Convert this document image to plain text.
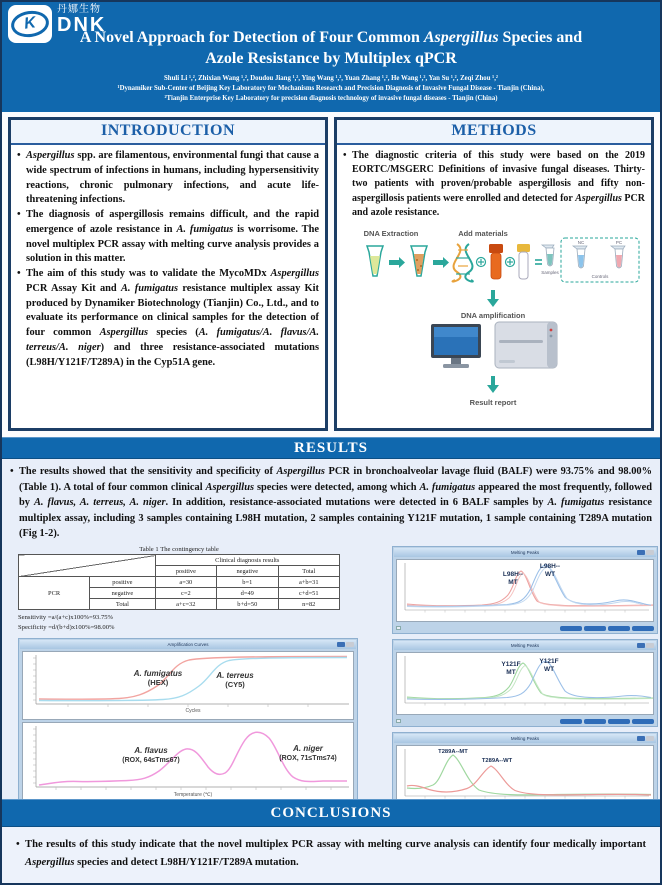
K
丹娜生物
DNK
A Novel Approach for Detection of Four Common Aspergillus Species and
Azole Resistance by Multiplex qPCR
Shuli Li ¹,², Zhixian Wang ¹,², Doudou Jiang ¹,², Ying Wang ¹,², Yuan Zhang ¹,², He Wang ¹,², Yan Su ¹,², Zeqi Zhou ¹,²
¹Dynamiker Sub-Center of Beijing Key Laboratory for Mechanisms Research and Precision Diagnosis of Invasive Fungal Disease - Tianjin (China),
²Tianjin Enterprise Key Laboratory for precision diagnosis technology of invasive fungal diseases - Tianjin (China)
INTRODUCTION
• Aspergillus spp. are filamentous, environmental fungi that cause a wide spectrum of infections in humans, including hypersensitivity reactions, chronic pulmonary infections, and acute life-threatening infections.
• The diagnosis of aspergillosis remains difficult, and the rapid emergence of azole resistance in A. fumigatus is worrisome. The novel multiplex PCR assay with melting curve analysis provides a solution in this matter.
• The aim of this study was to validate the MycoMDx Aspergillus PCR Assay Kit and A. fumigatus resistance multiplex assay Kit produced by Dynamiker Biotechnology (Tianjin) Co., Ltd., and to evaluate its performance on clinical samples for the detection of four common Aspergillus species (A. fumigatus/A. flavus/A. terreus/A. niger) and three resistance-associated mutations (L98H/Y121F/T289A) in the Cyp51A gene.
METHODS
• The diagnostic criteria of this study were based on the 2019 EORTC/MSGERC Definitions of invasive fungal diseases. Thirty-two patients with proven/probable aspergillosis and fifty non-aspergillosis patients were enrolled and detected for Aspergillus PCR and azole resistance.
DNA Extraction	Add materials
Samples
NC	PC
Controls
DNA amplification
Result report
RESULTS
• The results showed that the sensitivity and specificity of Aspergillus PCR in bronchoalveolar lavage fluid (BALF) were 93.75% and 98.00% (Table 1). A total of four common clinical Aspergillus species were detected, among which A. fumigatus appeared the most frequently, followed by A. flavus, A. terreus, A. niger. In addition, resistance-associated mutations were detected in 6 BALF samples by A. fumigatus resistance multiplex assay, including 3 samples containing L98H mutation, 2 samples containing Y121F mutation, 1 sample containing T289A mutation (Fig 1-2).
Table 1 The contingency table
		Clinical diagnosis results		
		positive	negative	Total
PCR	positive	a=30	b=1	a+b=31
	negative	c=2	d=49	c+d=51
	Total	a+c=32	b+d=50	n=82
Sensitivity =a/(a+c)x100%=93.75%
Specificity =d/(b+d)x100%=98.00%
Amplification Curves
A. fumigatus
(HEX)
A. terreus
(CY5)
Cycles
A. flavus
(ROX, 64≤Tm≤67)
A. niger
(ROX, 71≤Tm≤74)
Temperature (℃)
Melting Peaks
L98H--
MT
L98H--
WT
Melting Peaks
Y121F
MT
Y121F
WT
Melting Peaks
T289A--MT
T289A--WT
CONCLUSIONS
• The results of this study indicate that the novel multiplex PCR assay with melting curve analysis can identify four medically important Aspergillus species and detect L98H/Y121F/T289A mutation.
